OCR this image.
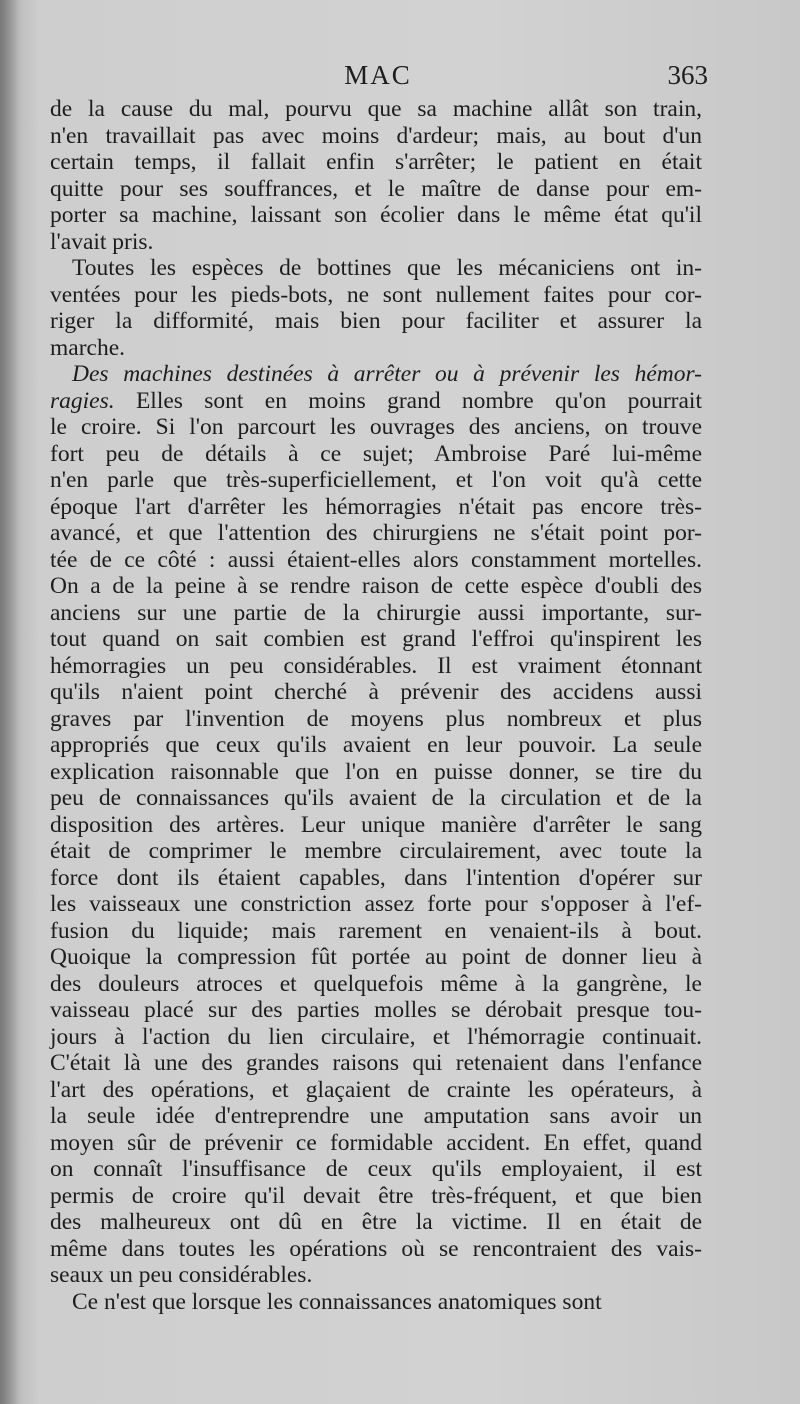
MAC	363

de la cause du mal, pourvu que sa machine allât son train,

n'en travaillait pas avec moins d'ardeur; mais, au bout d'un

certain temps, il fallait enfin s'arrêter; le patient en était

quitte pour ses souffrances, et le maître de danse pour em-

porter sa machine, laissant son écolier dans le même état qu'il

l'avait pris.

Toutes les espèces de bottines que les mécaniciens ont in-

ventées pour les pieds-bots, ne sont nullement faites pour cor-

riger la difformité, mais bien pour faciliter et assurer la

marche.

Des machines destinées à arrêter ou à prévenir les hémor-

ragies. Elles sont en moins grand nombre qu'on pourrait

le croire. Si l'on parcourt les ouvrages des anciens, on trouve

fort peu de détails à ce sujet; Ambroise Paré lui-même

n'en parle que très-superficiellement, et l'on voit qu'à cette

époque l'art d'arrêter les hémorragies n'était pas encore très-

avancé, et que l'attention des chirurgiens ne s'était point por-

tée de ce côté : aussi étaient-elles alors constamment mortelles.

On a de la peine à se rendre raison de cette espèce d'oubli des

anciens sur une partie de la chirurgie aussi importante, sur-

tout quand on sait combien est grand l'effroi qu'inspirent les

hémorragies un peu considérables. Il est vraiment étonnant

qu'ils n'aient point cherché à prévenir des accidens aussi

graves par l'invention de moyens plus nombreux et plus

appropriés que ceux qu'ils avaient en leur pouvoir. La seule

explication raisonnable que l'on en puisse donner, se tire du

peu de connaissances qu'ils avaient de la circulation et de la

disposition des artères. Leur unique manière d'arrêter le sang

était de comprimer le membre circulairement, avec toute la

force dont ils étaient capables, dans l'intention d'opérer sur

les vaisseaux une constriction assez forte pour s'opposer à l'ef-

fusion du liquide; mais rarement en venaient-ils à bout.

Quoique la compression fût portée au point de donner lieu à

des douleurs atroces et quelquefois même à la gangrène, le

vaisseau placé sur des parties molles se dérobait presque tou-

jours à l'action du lien circulaire, et l'hémorragie continuait.

C'était là une des grandes raisons qui retenaient dans l'enfance

l'art des opérations, et glaçaient de crainte les opérateurs, à

la seule idée d'entreprendre une amputation sans avoir un

moyen sûr de prévenir ce formidable accident. En effet, quand

on connaît l'insuffisance de ceux qu'ils employaient, il est

permis de croire qu'il devait être très-fréquent, et que bien

des malheureux ont dû en être la victime. Il en était de

même dans toutes les opérations où se rencontraient des vais-

seaux un peu considérables.

Ce n'est que lorsque les connaissances anatomiques sont
